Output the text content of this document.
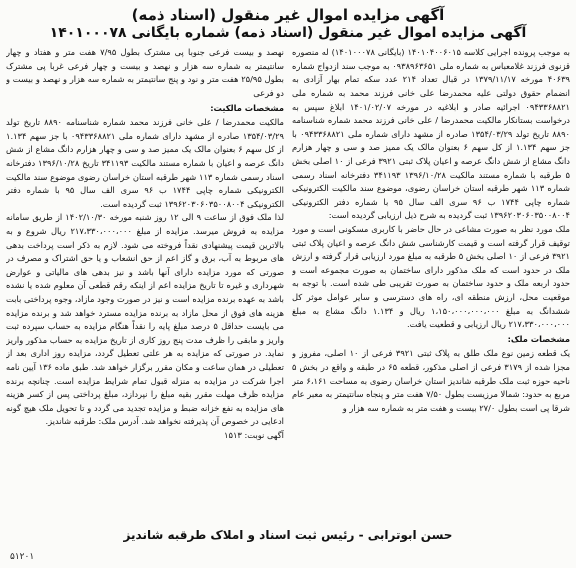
آگهی مزایده اموال غیر منقول (اسناد ذمه)
آگهی مزایده اموال غیر منقول (اسناد ذمه) شماره بایگانی ۱۴۰۱۰۰۰۷۸

به موجب پرونده اجرایی کلاسه ۱۴۰۱۰۴۰۰۶۰۱۵ (بایگانی ۱۴۰۱۰۰۰۷۸) له منصوره قزنوی فرزند غلامعباس به شماره ملی ۰۹۳۸۹۶۳۶۵۱ به موجب سند ازدواج شماره ۴۰۶۳۹ مورخه ۱۳۷۹/۱۱/۱۷ در قبال تعداد ۲۱۴ عدد سکه تمام بهار آزادی به انضمام حقوق دولتی علیه محمدرضا علی خانی فرزند محمد به شماره ملی ۰۹۴۳۳۶۸۸۲۱ اجرائیه صادر و ابلاغیه در مورخه ۱۴۰۱/۰۲/۰۷ ابلاغ سپس به درخواست بستانکار مالکیت محمدرضا / علی خانی فرزند محمد شماره شناسنامه ۸۸۹۰ تاریخ تولد ۱۳۵۴/۰۳/۲۹ صادره از مشهد دارای شماره ملی ۰۹۴۳۳۶۸۸۲۱ با جز سهم ۱.۱۳۴ از کل سهم ۶ بعنوان مالک یک ممیز صد و سی و چهار هزارم دانگ مشاع از شش دانگ عرصه و اعیان پلاک ثبتی ۳۹۲۱ فرعی از ۱۰ اصلی بخش ۵ طرقبه با شماره مستند مالکیت ۱۳۹۶/۱۰/۲۸ ۳۴۱۱۹۳ دفترخانه اسناد رسمی شماره ۱۱۳ شهر طرقبه استان خراسان رضوی، موضوع سند مالکیت الکترونیکی شماره چاپی ۱۷۴۴ ب ۹۶ سری الف سال ۹۵ با شماره دفتر الکترونیکی ۱۳۹۶۲۰۳۰۶۰۳۵۰۰۸۰۰۴ ثبت گردیده به شرح ذیل ارزیابی گردیده است:

ملک مورد نظر به صورت مشاعی در حال حاضر با کاربری مسکونی است و مورد توقیف قرار گرفته است و قیمت کارشناسی شش دانگ عرصه و اعیان پلاک ثبتی ۳۹۲۱ فرعی از ۱۰ اصلی بخش ۵ طرقبه به مبلغ مورد ارزیابی قرار گرفته و ارزش ملک در حدود است که ملک مذکور دارای ساختمان به صورت مجموعه است و حدود اربعه ملک و حدود ساختمان به صورت تقریبی طی شده است. با توجه به موقعیت محل، ارزش منطقه ای، راه های دسترسی و سایر عوامل موثر کل ششدانگ به مبلغ ۱،۱۵۰،۰۰۰،۰۰۰،۰۰۰ ریال و ۱.۱۳۴ دانگ مشاع به مبلغ ۲۱۷،۳۳۰،۰۰۰،۰۰۰ ریال ارزیابی و قطعیت یافت.

مشخصات ملک:

یک قطعه زمین نوع ملک طلق به پلاک ثبتی ۳۹۲۱ فرعی از ۱۰ اصلی، مفروز و مجزا شده از ۳۱۷۹ فرعی از اصلی مذکور، قطعه ۶۵ در طبقه و واقع در بخش ۵ ناحیه حوزه ثبت ملک طرقبه شاندیز استان خراسان رضوی به مساحت ۶،۱۶۱ متر مربع به حدود: شمالا مرزیست بطول ۷/۵۰ هفت متر و پنجاه سانتیمتر به معبر عام شرقا پی است بطول ۲۷/۰ بیست و هفت متر به شماره سه هزار و

نهصد و بیست فرعی جنوبا پی مشترک بطول ۷/۹۵ هفت متر و هفتاد و چهار سانتیمتر به شماره سه هزار و نهصد و بیست و چهار فرعی غربا پی مشترک بطول ۲۵/۹۵ هفت متر و نود و پنج سانتیمتر به شماره سه هزار و نهصد و بیست و دو فرعی

مشخصات مالکیت:

مالکیت محمدرضا / علی خانی فرزند محمد شماره شناسنامه ۸۸۹۰ تاریخ تولد ۱۳۵۴/۰۳/۲۹ صادره از مشهد دارای شماره ملی ۰۹۴۳۳۶۸۸۲۱ با جز سهم ۱.۱۳۴ از کل سهم ۶ بعنوان مالک یک ممیز صد و سی و چهار هزارم دانگ مشاع از شش دانگ عرصه و اعیان با شماره مستند مالکیت ۳۴۱۱۹۳ تاریخ ۱۳۹۶/۱۰/۲۸ دفترخانه اسناد رسمی شماره ۱۱۳ شهر طرقبه استان خراسان رضوی موضوع سند مالکیت الکترونیکی شماره چاپی ۱۷۴۴ ب ۹۶ سری الف سال ۹۵ با شماره دفتر الکترونیکی ۱۳۹۶۲۰۳۰۶۰۳۵۰۰۸۰۰۴ ثبت گردیده است.

لذا ملک فوق از ساعت ۹ الی ۱۲ روز شنبه مورخه ۱۴۰۲/۱۰/۳۰ از طریق سامانه مزایده به فروش میرسد. مزایده از مبلغ ۲۱۷،۳۳۰،۰۰۰،۰۰۰ ریال شروع و به بالاترین قیمت پیشنهادی نقداً فروخته می شود. لازم به ذکر است پرداخت بدهی های مربوط به آب، برق و گاز اعم از حق انشعاب و یا حق اشتراک و مصرف در صورتی که مورد مزایده دارای آنها باشد و نیز بدهی های مالیاتی و عوارض شهرداری و غیره تا تاریخ مزایده اعم از اینکه رقم قطعی آن معلوم شده یا نشده باشد به عهده برنده مزایده است و نیز در صورت وجود مازاد، وجوه پرداختی بابت هزینه های فوق از محل مازاد به برنده مزایده مسترد خواهد شد و برنده مزایده می بایست حداقل ۵ درصد مبلغ پایه را نقداً هنگام مزایده به حساب سپرده ثبت واریز و مابقی را ظرف مدت پنج روز کاری از تاریخ مزایده به حساب مذکور واریز نماید. در صورتی که مزایده به هر علتی تعطیل گردد، مزایده روز اداری بعد از تعطیلی در همان ساعت و مکان مقرر برگزار خواهد شد. طبق ماده ۱۳۶ آیین نامه اجرا شرکت در مزایده به منزله قبول تمام شرایط مزایده است. چنانچه برنده مزایده ظرف مهلت مقرر بقیه مبلغ را نپردازد، مبلغ پرداختی پس از کسر هزینه های مزایده به نفع خزانه ضبط و مزایده تجدید می گردد و تا تحویل ملک هیچ گونه ادعایی در خصوص آن پذیرفته نخواهد شد. آدرس ملک: طرقبه شاندیز.

آگهی نوبت: ۱۵۱۳

حسن ابوترابی - رئیس ثبت اسناد و املاک طرقبه شاندیز
۵۱۲۰۱
